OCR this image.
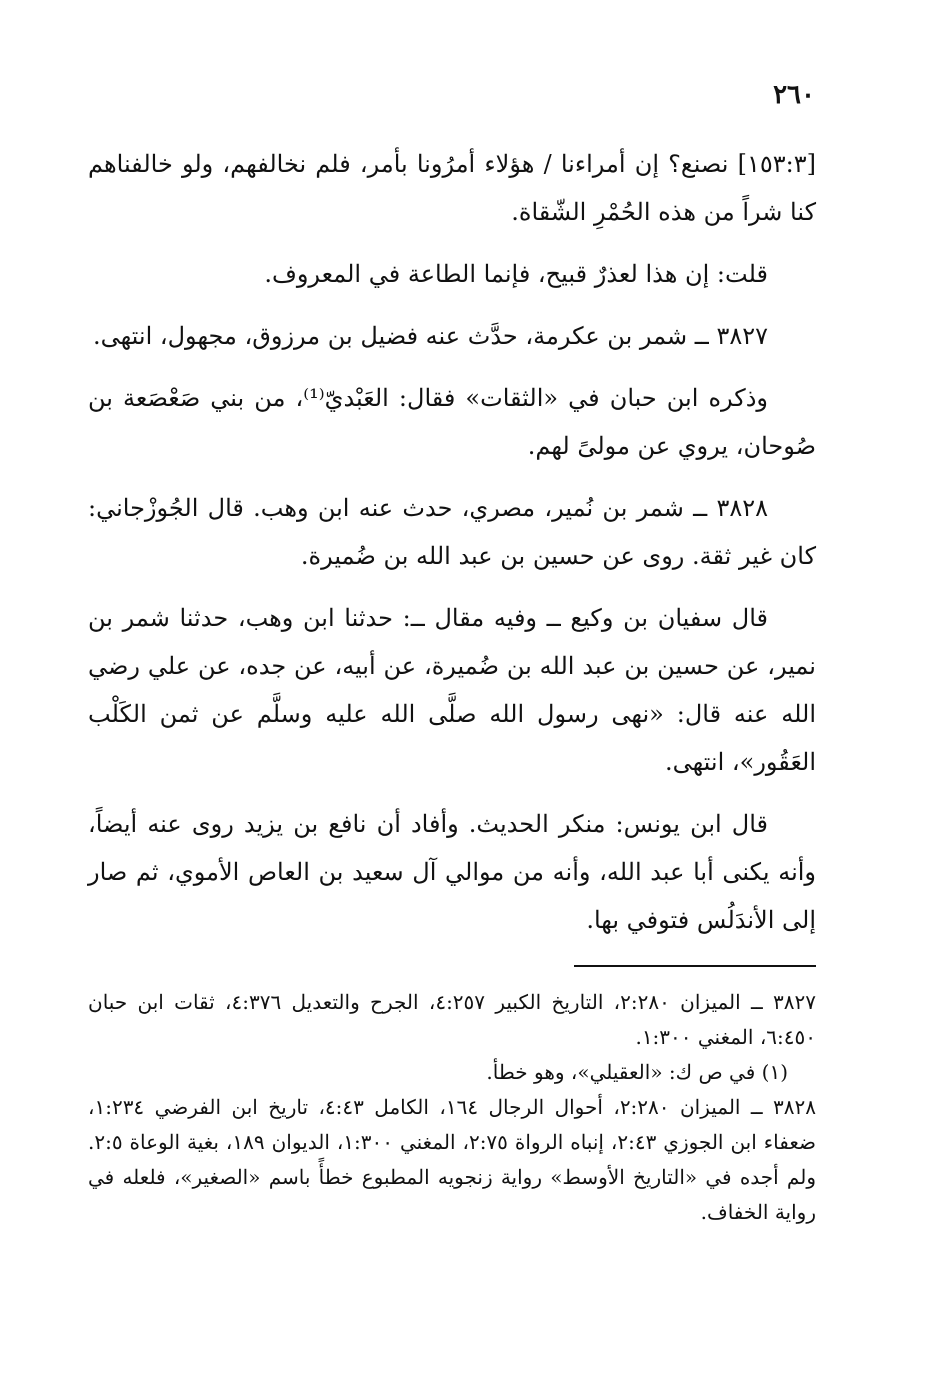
٢٦٠

[١٥٣:٣] نصنع؟ إن أمراءنا / هؤلاء أمرُونا بأمر، فلم نخالفهم، ولو خالفناهم كنا شراً من هذه الحُمْرِ الشّقاة.

قلت: إن هذا لعذرٌ قبيح، فإنما الطاعة في المعروف.

٣٨٢٧ ــ شمر بن عكرمة، حدَّث عنه فضيل بن مرزوق، مجهول، انتهى.

وذكره ابن حبان في «الثقات» فقال: العَبْديّ⁽¹⁾، من بني صَعْصَعة بن صُوحان، يروي عن مولىً لهم.

٣٨٢٨ ــ شمر بن نُمير، مصري، حدث عنه ابن وهب. قال الجُوزْجاني: كان غير ثقة. روى عن حسين بن عبد الله بن ضُميرة.

قال سفيان بن وكيع ــ وفيه مقال ــ: حدثنا ابن وهب، حدثنا شمر بن نمير، عن حسين بن عبد الله بن ضُميرة، عن أبيه، عن جده، عن علي رضي الله عنه قال: «نهى رسول الله صلَّى الله عليه وسلَّم عن ثمن الكَلْب العَقُور»، انتهى.

قال ابن يونس: منكر الحديث. وأفاد أن نافع بن يزيد روى عنه أيضاً، وأنه يكنى أبا عبد الله، وأنه من موالي آل سعيد بن العاص الأموي، ثم صار إلى الأندَلُس فتوفي بها.

٣٨٢٧ ــ الميزان ٢:٢٨٠، التاريخ الكبير ٤:٢٥٧، الجرح والتعديل ٤:٣٧٦، ثقات ابن حبان ٦:٤٥٠، المغني ١:٣٠٠.

(١) في ص ك: «العقيلي»، وهو خطأ.

٣٨٢٨ ــ الميزان ٢:٢٨٠، أحوال الرجال ١٦٤، الكامل ٤:٤٣، تاريخ ابن الفرضي ١:٢٣٤، ضعفاء ابن الجوزي ٢:٤٣، إنباه الرواة ٢:٧٥، المغني ١:٣٠٠، الديوان ١٨٩، بغية الوعاة ٢:٥. ولم أجده في «التاريخ الأوسط» رواية زنجويه المطبوع خطأً باسم «الصغير»، فلعله في رواية الخفاف.
